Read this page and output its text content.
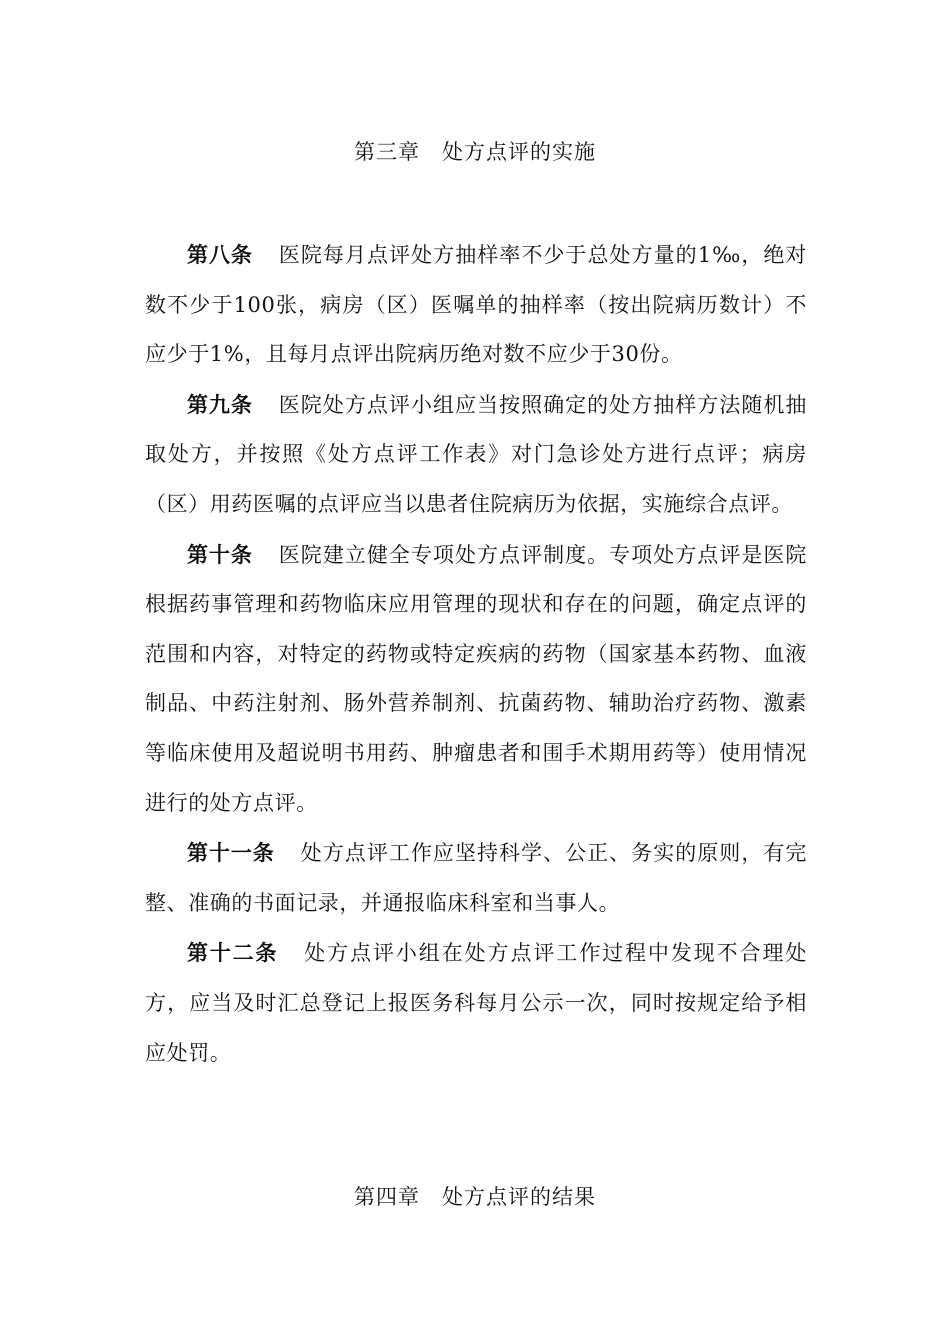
第三章　处方点评的实施

第八条 医院每月点评处方抽样率不少于总处方量的1‰，绝对数不少于100张，病房（区）医嘱单的抽样率（按出院病历数计）不应少于1%，且每月点评出院病历绝对数不应少于30份。

第九条 医院处方点评小组应当按照确定的处方抽样方法随机抽取处方，并按照《处方点评工作表》对门急诊处方进行点评；病房（区）用药医嘱的点评应当以患者住院病历为依据，实施综合点评。

第十条 医院建立健全专项处方点评制度。专项处方点评是医院根据药事管理和药物临床应用管理的现状和存在的问题，确定点评的范围和内容，对特定的药物或特定疾病的药物（国家基本药物、血液制品、中药注射剂、肠外营养制剂、抗菌药物、辅助治疗药物、激素等临床使用及超说明书用药、肿瘤患者和围手术期用药等）使用情况进行的处方点评。

第十一条 处方点评工作应坚持科学、公正、务实的原则，有完整、准确的书面记录，并通报临床科室和当事人。

第十二条 处方点评小组在处方点评工作过程中发现不合理处方，应当及时汇总登记上报医务科每月公示一次，同时按规定给予相应处罚。

第四章　处方点评的结果
